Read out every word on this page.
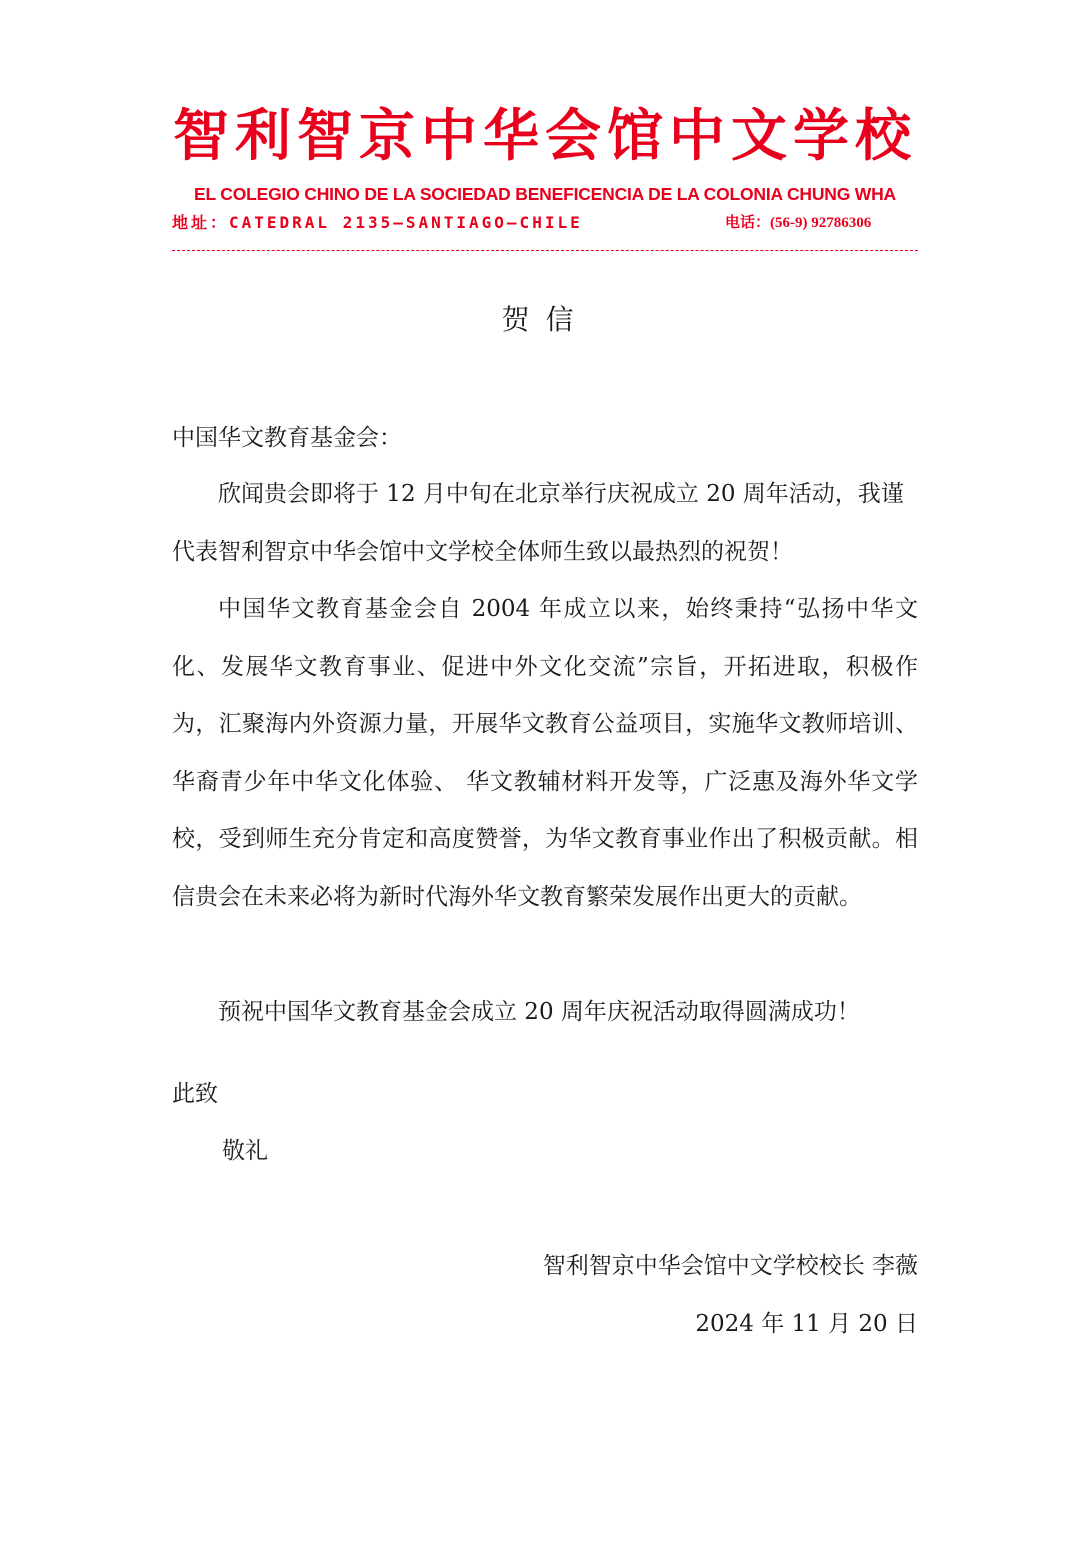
智利智京中华会馆中文学校
EL COLEGIO CHINO DE LA SOCIEDAD BENEFICENCIA DE LA COLONIA CHUNG WHA
地址：CATEDRAL 2135—SANTIAGO—CHILE	电话：(56-9) 92786306
贺信
中国华文教育基金会：
欣闻贵会即将于 12 月中旬在北京举行庆祝成立 20 周年活动，我谨代表智利智京中华会馆中文学校全体师生致以最热烈的祝贺！
中国华文教育基金会自 2004 年成立以来，始终秉持“弘扬中华文化、发展华文教育事业、促进中外文化交流”宗旨，开拓进取，积极作为，汇聚海内外资源力量，开展华文教育公益项目，实施华文教师培训、华裔青少年中华文化体验、 华文教辅材料开发等，广泛惠及海外华文学校，受到师生充分肯定和高度赞誉，为华文教育事业作出了积极贡献。相信贵会在未来必将为新时代海外华文教育繁荣发展作出更大的贡献。
预祝中国华文教育基金会成立 20 周年庆祝活动取得圆满成功！
此致
敬礼
智利智京中华会馆中文学校校长 李薇
2024 年 11 月 20 日
